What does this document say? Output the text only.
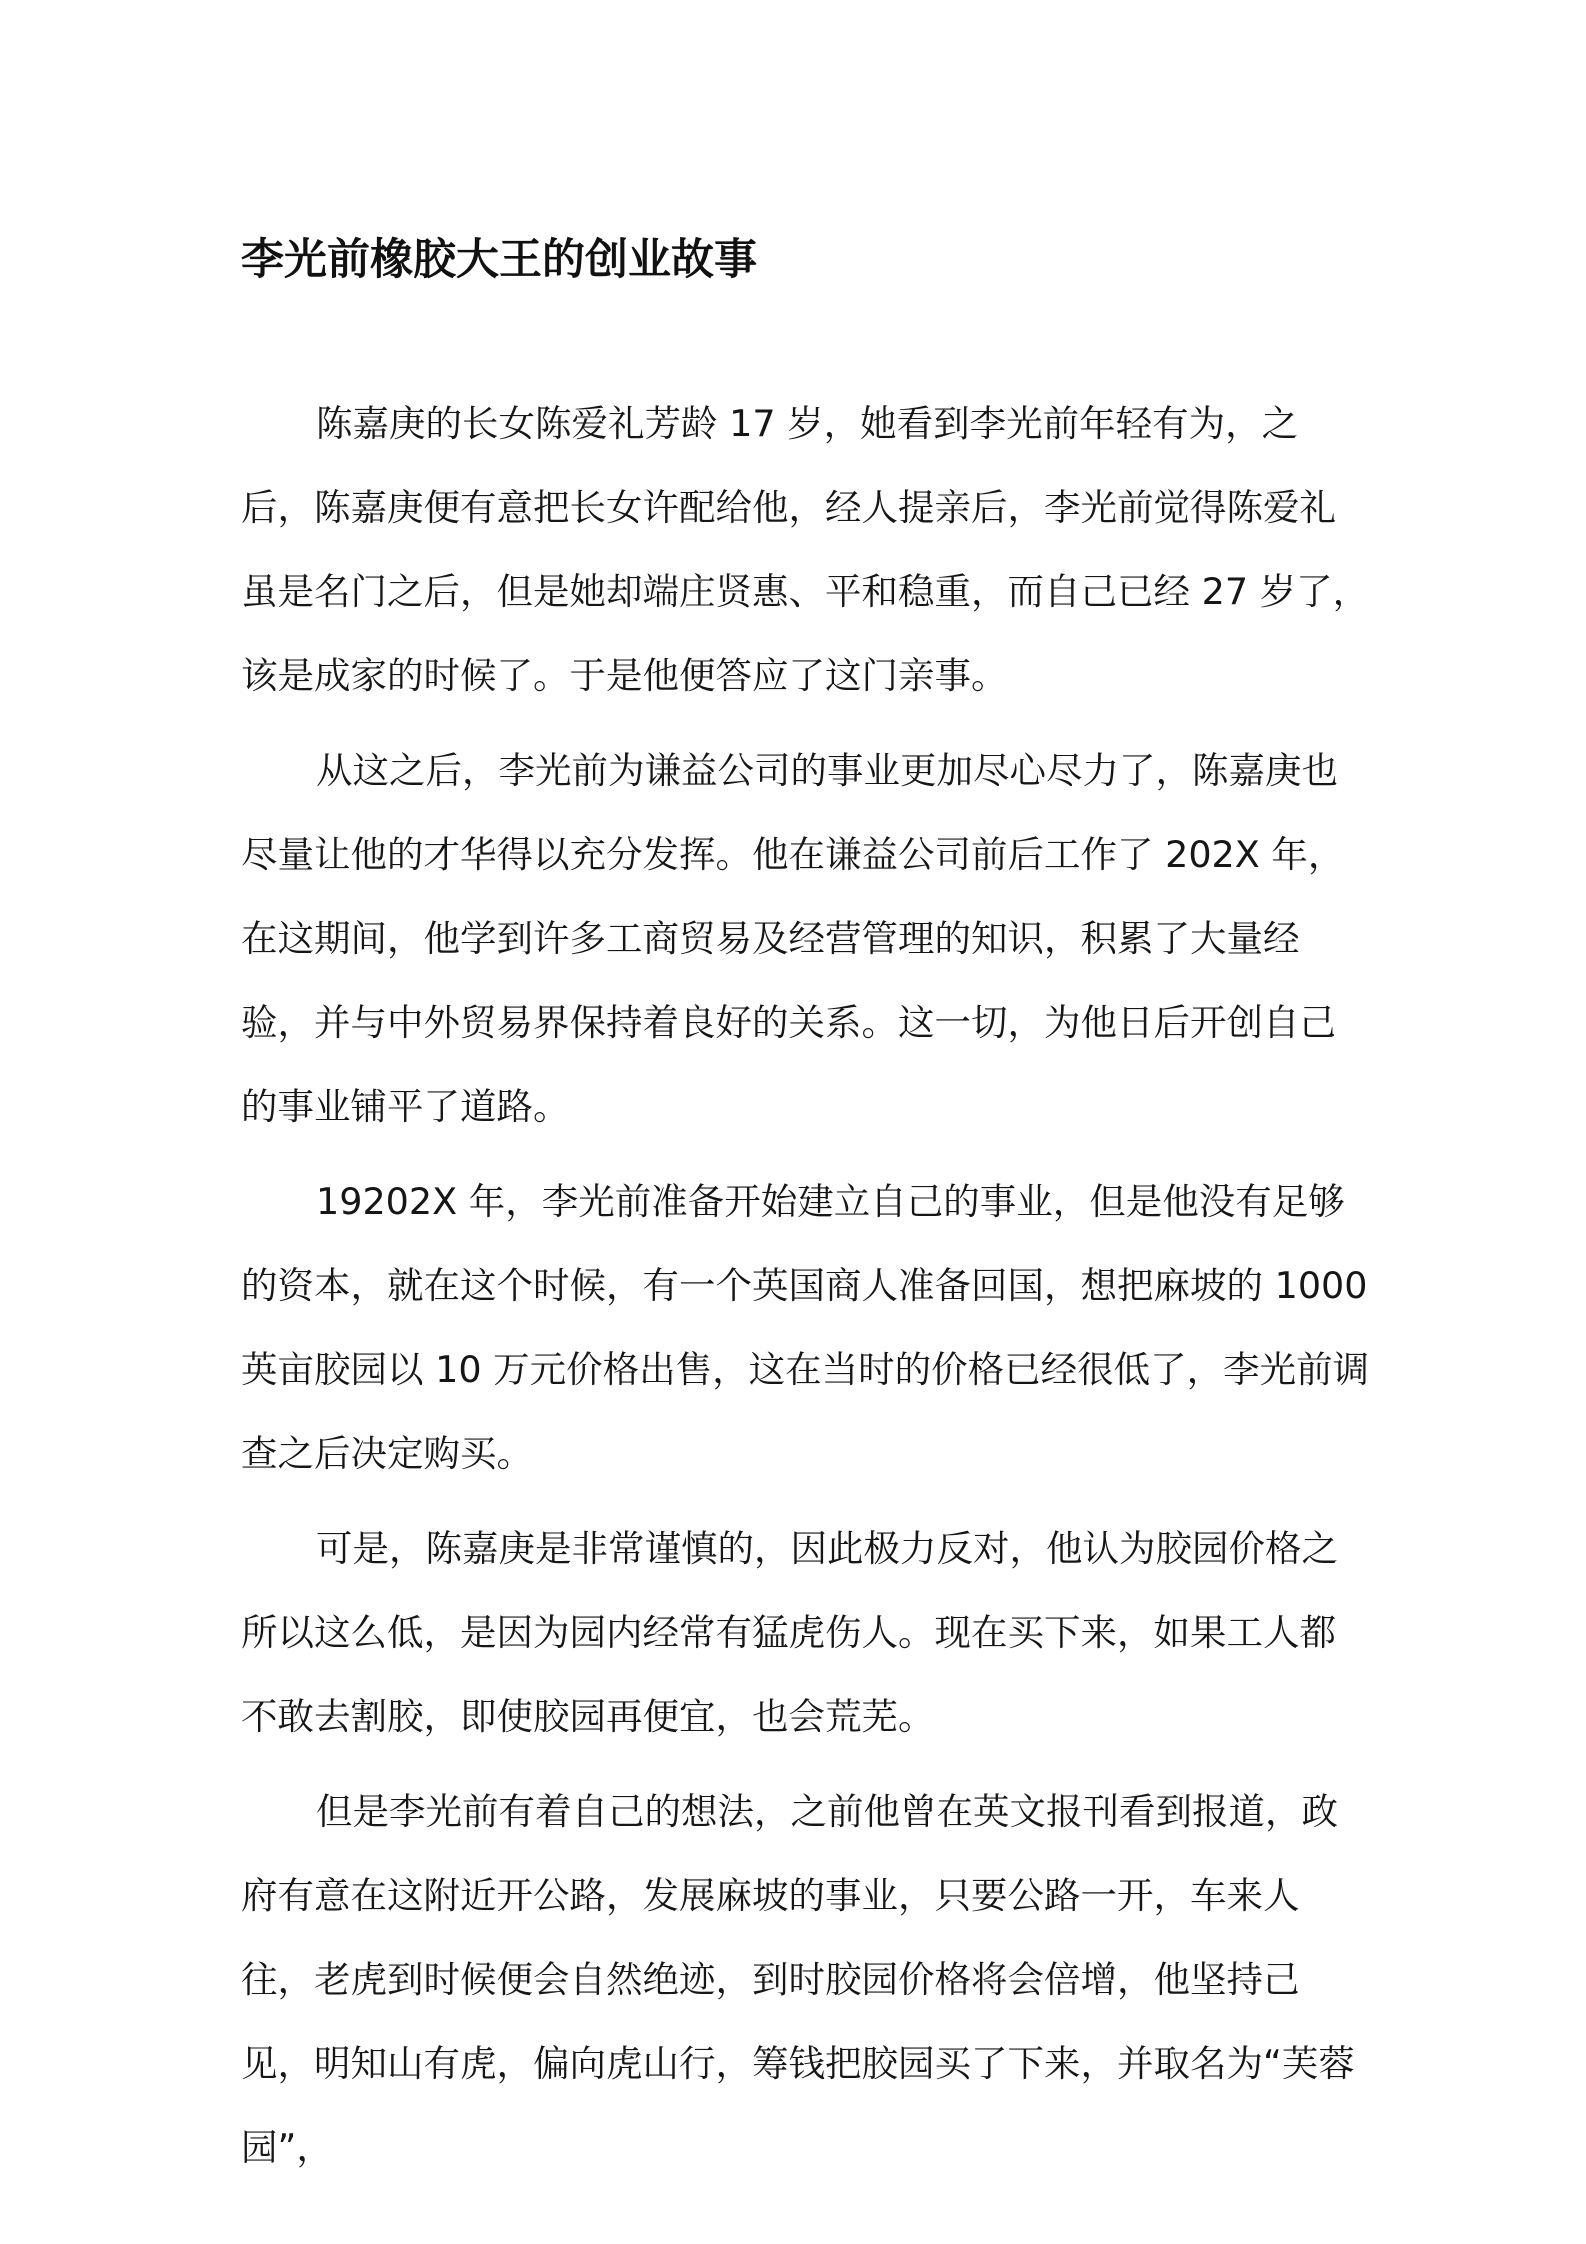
李光前橡胶大王的创业故事

陈嘉庚的长女陈爱礼芳龄 17 岁，她看到李光前年轻有为，之后，陈嘉庚便有意把长女许配给他，经人提亲后，李光前觉得陈爱礼虽是名门之后，但是她却端庄贤惠、平和稳重，而自己已经 27 岁了，该是成家的时候了。于是他便答应了这门亲事。

从这之后，李光前为谦益公司的事业更加尽心尽力了，陈嘉庚也尽量让他的才华得以充分发挥。他在谦益公司前后工作了 202X 年，在这期间，他学到许多工商贸易及经营管理的知识，积累了大量经验，并与中外贸易界保持着良好的关系。这一切，为他日后开创自己的事业铺平了道路。

19202X 年，李光前准备开始建立自己的事业，但是他没有足够的资本，就在这个时候，有一个英国商人准备回国，想把麻坡的 1000 英亩胶园以 10 万元价格出售，这在当时的价格已经很低了，李光前调查之后决定购买。

可是，陈嘉庚是非常谨慎的，因此极力反对，他认为胶园价格之所以这么低，是因为园内经常有猛虎伤人。现在买下来，如果工人都不敢去割胶，即使胶园再便宜，也会荒芜。

但是李光前有着自己的想法，之前他曾在英文报刊看到报道，政府有意在这附近开公路，发展麻坡的事业，只要公路一开，车来人往，老虎到时候便会自然绝迹，到时胶园价格将会倍增，他坚持己见，明知山有虎，偏向虎山行，筹钱把胶园买了下来，并取名为“芙蓉园”，
